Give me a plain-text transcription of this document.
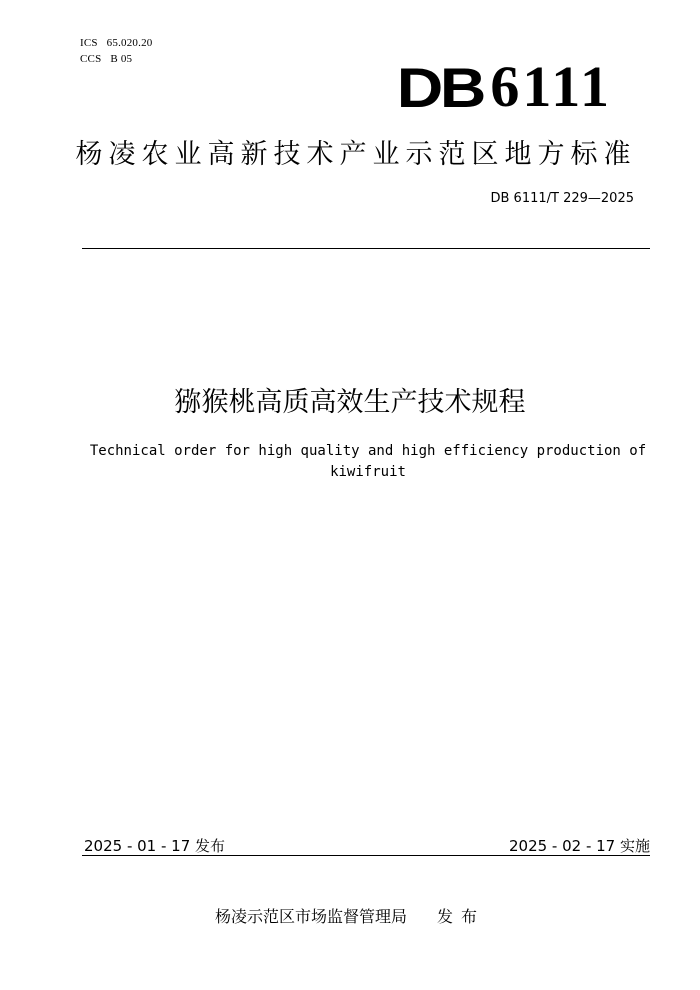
ICS 65.020.20
CCS B 05	DB 6111
杨凌农业高新技术产业示范区地方标准
DB 6111/T 229—2025
猕猴桃高质高效生产技术规程
Technical order for high quality and high efficiency production of kiwifruit
2025 - 01 - 17 发布	2025 - 02 - 17 实施
杨凌示范区市场监督管理局 发布
